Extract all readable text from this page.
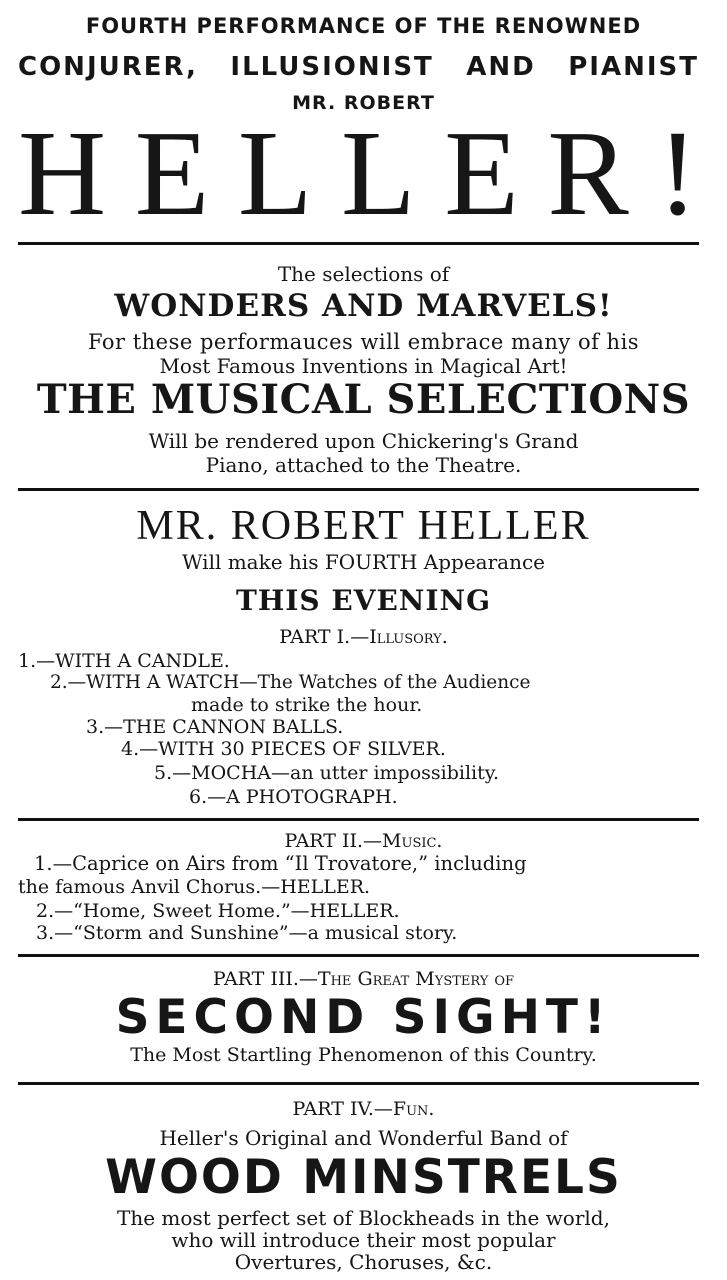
FOURTH PERFORMANCE OF THE RENOWNED
CONJURER, ILLUSIONIST AND PIANIST
MR. ROBERT
H E L L E R !
The selections of
WONDERS AND MARVELS!
For these performauces will embrace many of his
Most Famous Inventions in Magical Art!
THE MUSICAL SELECTIONS
Will be rendered upon Chickering's Grand
Piano, attached to the Theatre.
MR. ROBERT HELLER
Will make his FOURTH Appearance
THIS EVENING
PART I.—Illusory.
1.—WITH A CANDLE.
2.—WITH A WATCH—The Watches of the Audience
made to strike the hour.
3.—THE CANNON BALLS.
4.—WITH 30 PIECES OF SILVER.
5.—MOCHA—an utter impossibility.
6.—A PHOTOGRAPH.
PART II.—Music.
1.—Caprice on Airs from “Il Trovatore,” including
the famous Anvil Chorus.—HELLER.
2.—“Home, Sweet Home.”—HELLER.
3.—“Storm and Sunshine”—a musical story.
PART III.—The Great Mystery of
SECOND SIGHT!
The Most Startling Phenomenon of this Country.
PART IV.—Fun.
Heller's Original and Wonderful Band of
WOOD MINSTRELS
The most perfect set of Blockheads in the world,
who will introduce their most popular
Overtures, Choruses, &c.
